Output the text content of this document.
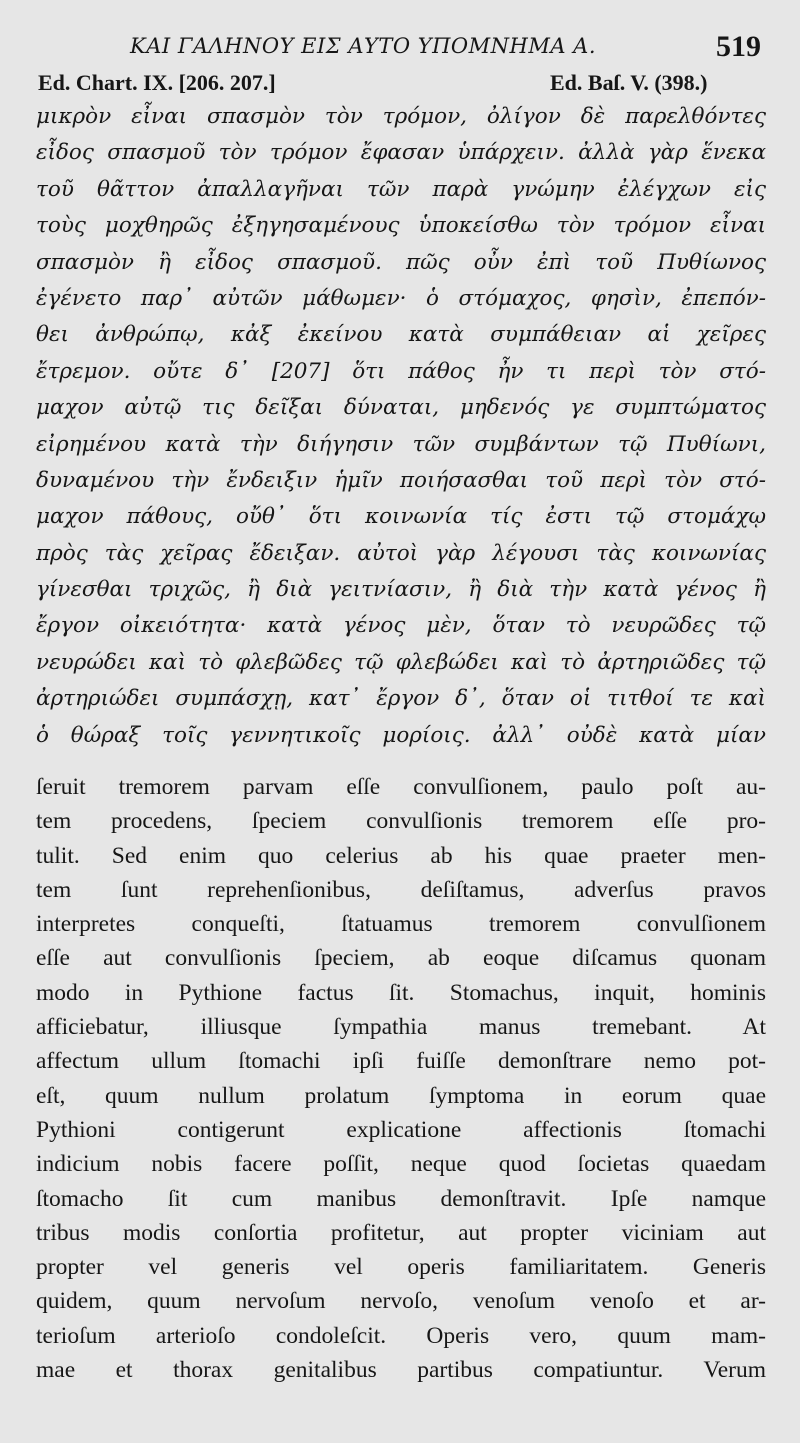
ΚΑΙ ΓΑΛΗΝΟΥ ΕΙΣ ΑΥΤΟ ΥΠΟΜΝΗΜΑ Α.	519
Ed. Chart. IX. [206. 207.]	Ed. Baſ. V. (398.)
μικρὸν εἶναι σπασμὸν τὸν τρόμον, ὀλίγον δὲ παρελθόντες
εἶδος σπασμοῦ τὸν τρόμον ἔφασαν ὑπάρχειν. ἀλλὰ γὰρ ἕνεκα
τοῦ θᾶττον ἀπαλλαγῆναι τῶν παρὰ γνώμην ἐλέγχων εἰς
τοὺς μοχθηρῶς ἐξηγησαμένους ὑποκείσθω τὸν τρόμον εἶναι
σπασμὸν ἢ εἶδος σπασμοῦ. πῶς οὖν ἐπὶ τοῦ Πυθίωνος
ἐγένετο παρ᾽ αὐτῶν μάθωμεν· ὁ στόμαχος, φησὶν, ἐπεπόν-
θει ἀνθρώπῳ, κἀξ ἐκείνου κατὰ συμπάθειαν αἱ χεῖρες
ἔτρεμον. οὔτε δ᾽ [207] ὅτι πάθος ἦν τι περὶ τὸν στό-
μαχον αὐτῷ τις δεῖξαι δύναται, μηδενός γε συμπτώματος
εἰρημένου κατὰ τὴν διήγησιν τῶν συμβάντων τῷ Πυθίωνι,
δυναμένου τὴν ἔνδειξιν ἡμῖν ποιήσασθαι τοῦ περὶ τὸν στό-
μαχον πάθους, οὔθ᾽ ὅτι κοινωνία τίς ἐστι τῷ στομάχῳ
πρὸς τὰς χεῖρας ἔδειξαν. αὐτοὶ γὰρ λέγουσι τὰς κοινωνίας
γίνεσθαι τριχῶς, ἢ διὰ γειτνίασιν, ἢ διὰ τὴν κατὰ γένος ἢ
ἔργον οἰκειότητα· κατὰ γένος μὲν, ὅταν τὸ νευρῶδες τῷ
νευρώδει καὶ τὸ φλεβῶδες τῷ φλεβώδει καὶ τὸ ἀρτηριῶδες τῷ
ἀρτηριώδει συμπάσχῃ, κατ᾽ ἔργον δ᾽, ὅταν οἱ τιτθοί τε καὶ
ὁ θώραξ τοῖς γεννητικοῖς μορίοις. ἀλλ᾽ οὐδὲ κατὰ μίαν
ſeruit tremorem parvam eſſe convulſionem, paulo poſt au-
tem procedens, ſpeciem convulſionis tremorem eſſe pro-
tulit. Sed enim quo celerius ab his quae praeter men-
tem ſunt reprehenſionibus, deſiſtamus, adverſus pravos
interpretes conqueſti, ſtatuamus tremorem convulſionem
eſſe aut convulſionis ſpeciem, ab eoque diſcamus quonam
modo in Pythione factus ſit. Stomachus, inquit, hominis
afficiebatur, illiusque ſympathia manus tremebant. At
affectum ullum ſtomachi ipſi fuiſſe demonſtrare nemo pot-
eſt, quum nullum prolatum ſymptoma in eorum quae
Pythioni contigerunt explicatione affectionis ſtomachi
indicium nobis facere poſſit, neque quod ſocietas quaedam
ſtomacho ſit cum manibus demonſtravit. Ipſe namque
tribus modis conſortia profitetur, aut propter viciniam aut
propter vel generis vel operis familiaritatem. Generis
quidem, quum nervoſum nervoſo, venoſum venoſo et ar-
terioſum arterioſo condoleſcit. Operis vero, quum mam-
mae et thorax genitalibus partibus compatiuntur. Verum
